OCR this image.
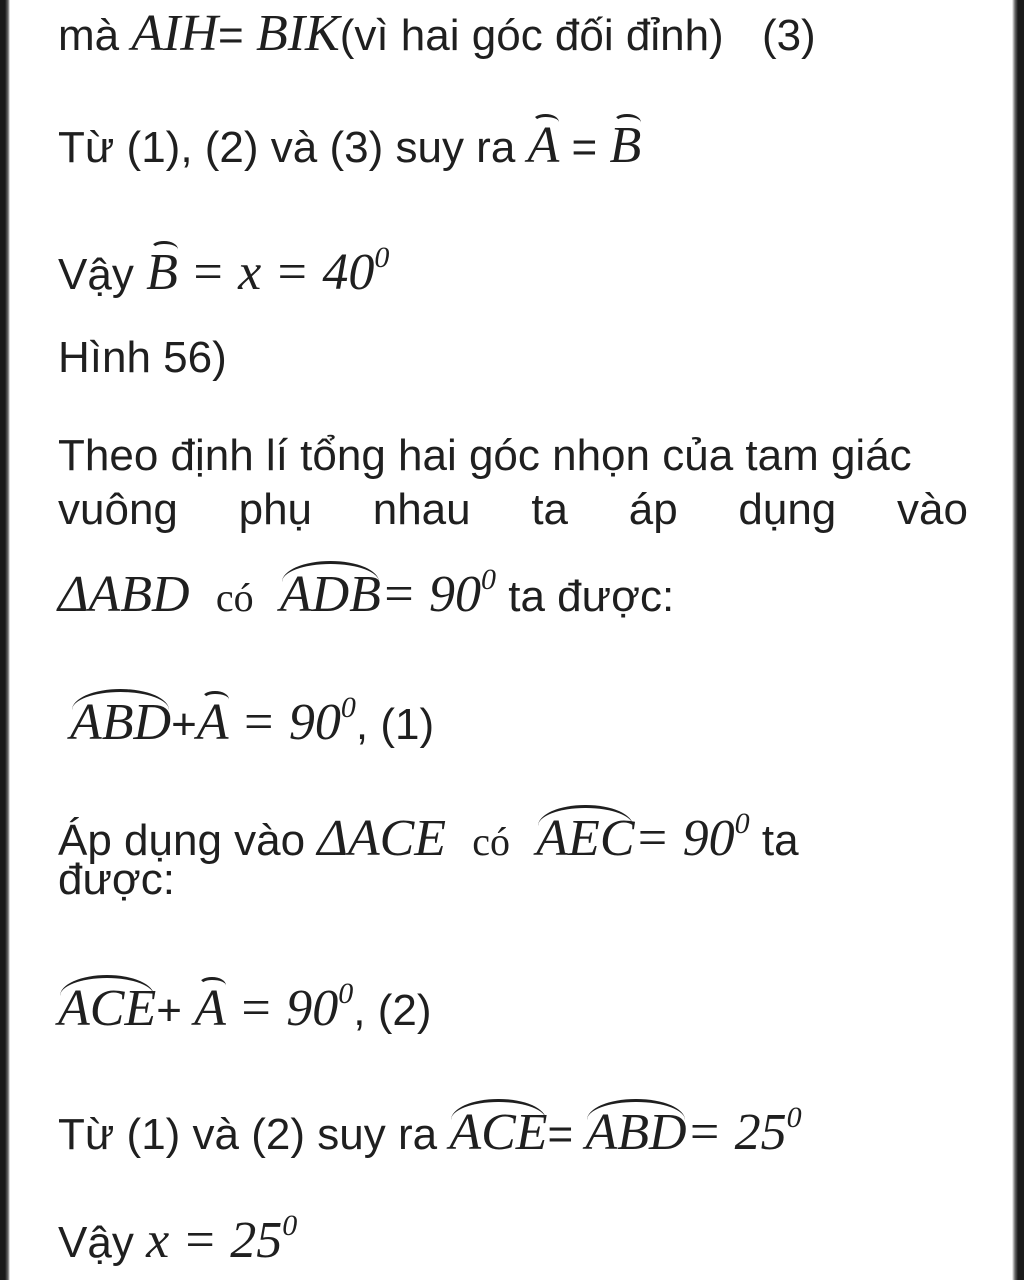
mà AIH= BIK(vì hai góc đối đỉnh) (3)
Từ (1), (2) và (3) suy ra A = B
Vậy $B = x = 40^0$
Hình 56)
Theo định lí tổng hai góc nhọn của tam giác
vuông phụ nhau ta áp dụng vào
ΔABD có $ADB= 90^0$ ta được:
$ABD+A = 90^0$, (1)
Áp dụng vào ΔACE có $AEC= 90^0$ ta
được:
$ACE+ A = 90^0$, (2)
Từ (1) và (2) suy ra $ACE= ABD= 25^0$
Vậy $x = 25^0$
